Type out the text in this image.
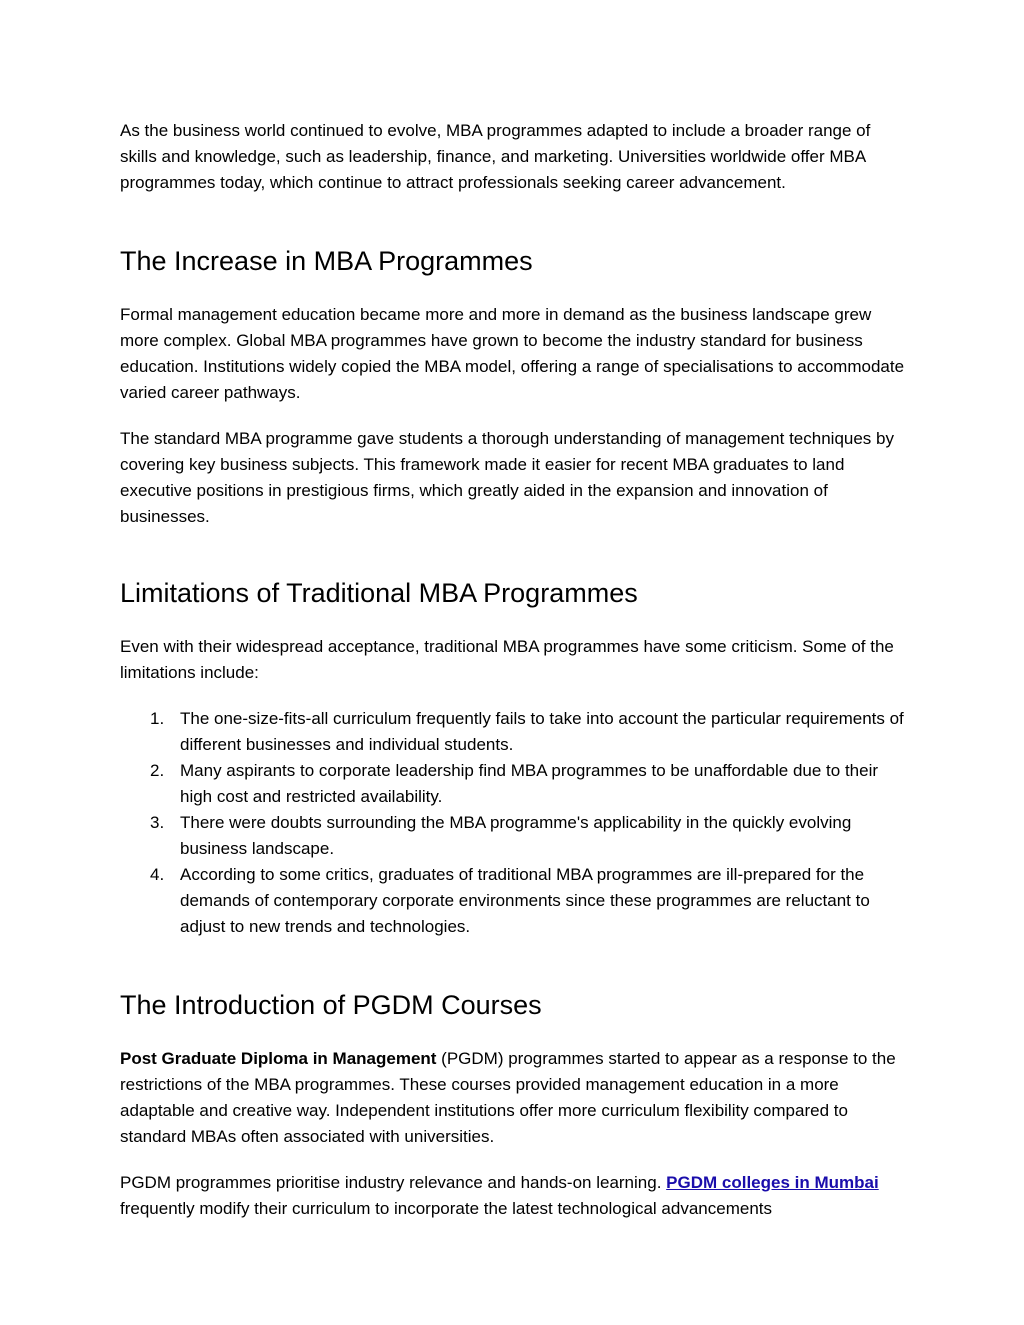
As the business world continued to evolve, MBA programmes adapted to include a broader range of skills and knowledge, such as leadership, finance, and marketing. Universities worldwide offer MBA programmes today, which continue to attract professionals seeking career advancement.

The Increase in MBA Programmes

Formal management education became more and more in demand as the business landscape grew more complex. Global MBA programmes have grown to become the industry standard for business education. Institutions widely copied the MBA model, offering a range of specialisations to accommodate varied career pathways.

The standard MBA programme gave students a thorough understanding of management techniques by covering key business subjects. This framework made it easier for recent MBA graduates to land executive positions in prestigious firms, which greatly aided in the expansion and innovation of businesses.

Limitations of Traditional MBA Programmes

Even with their widespread acceptance, traditional MBA programmes have some criticism. Some of the limitations include:

1. The one-size-fits-all curriculum frequently fails to take into account the particular requirements of different businesses and individual students.
2. Many aspirants to corporate leadership find MBA programmes to be unaffordable due to their high cost and restricted availability.
3. There were doubts surrounding the MBA programme's applicability in the quickly evolving business landscape.
4. According to some critics, graduates of traditional MBA programmes are ill-prepared for the demands of contemporary corporate environments since these programmes are reluctant to adjust to new trends and technologies.
The Introduction of PGDM Courses

Post Graduate Diploma in Management (PGDM) programmes started to appear as a response to the restrictions of the MBA programmes. These courses provided management education in a more adaptable and creative way. Independent institutions offer more curriculum flexibility compared to standard MBAs often associated with universities.

PGDM programmes prioritise industry relevance and hands-on learning. PGDM colleges in Mumbai frequently modify their curriculum to incorporate the latest technological advancements
